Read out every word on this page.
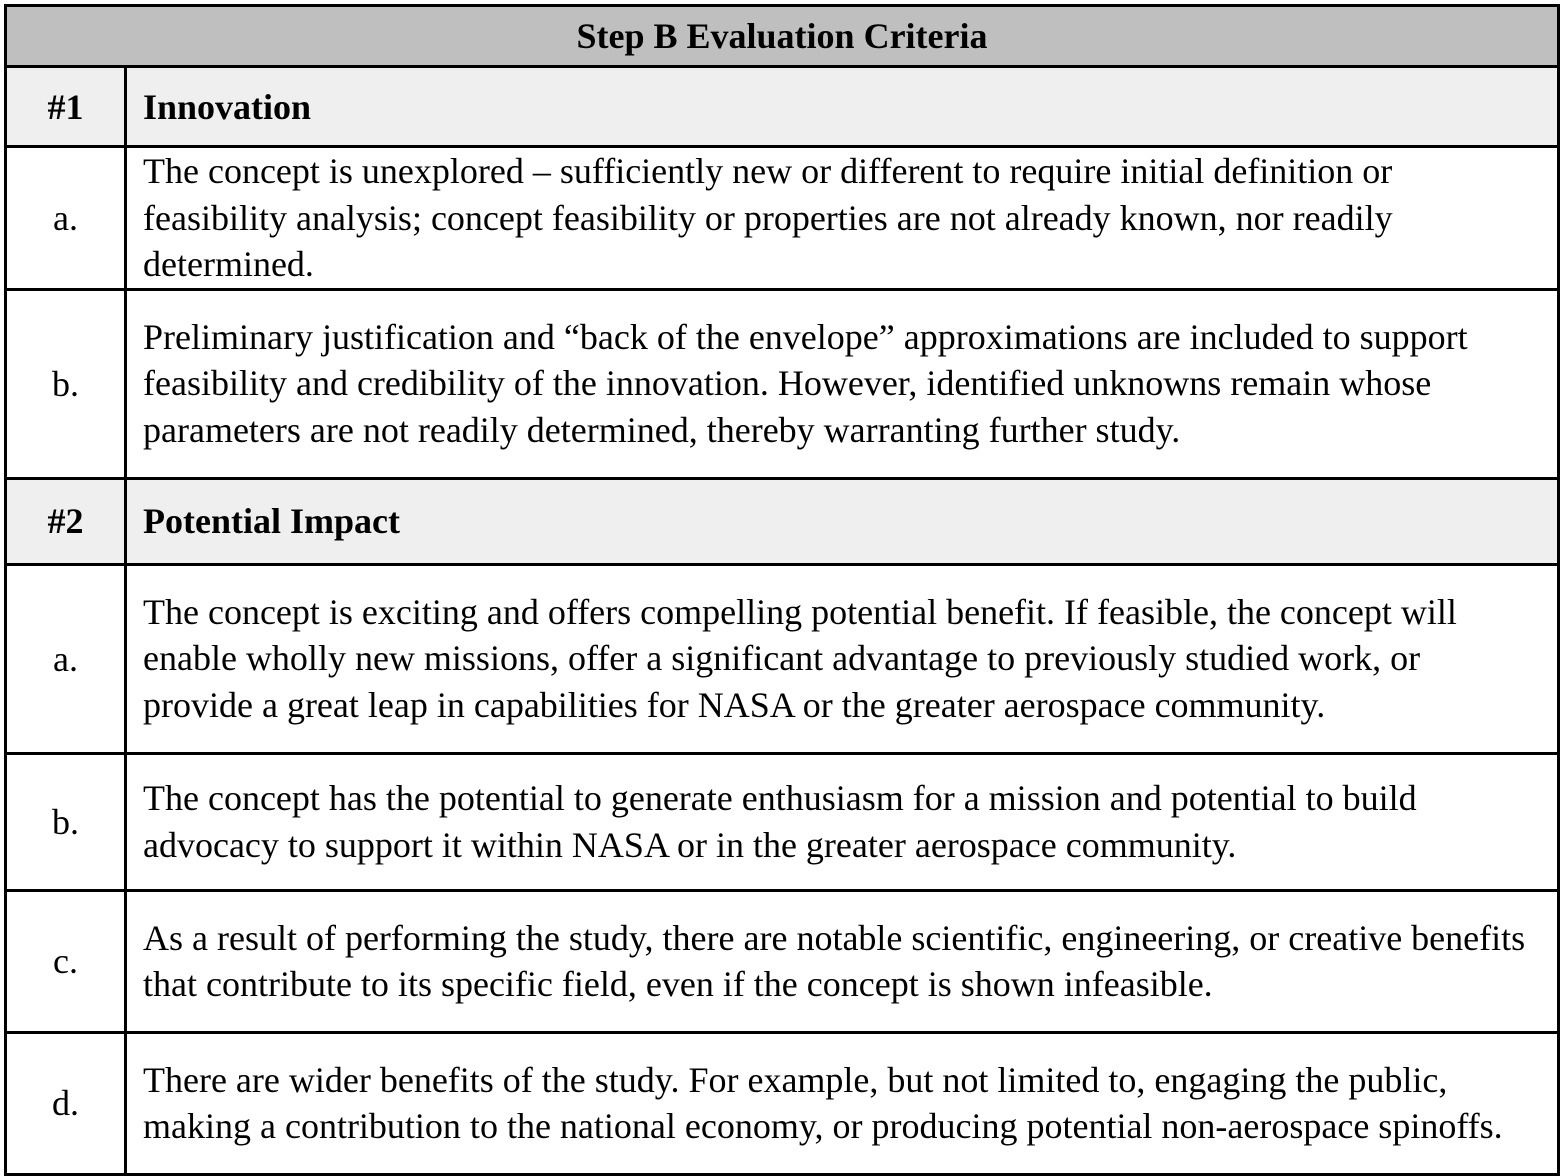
Step B Evaluation Criteria	
#1	Innovation
a.	The concept is unexplored – sufficiently new or different to require initial definition or feasibility analysis; concept feasibility or properties are not already known, nor readily determined.
b.	Preliminary justification and “back of the envelope” approximations are included to support feasibility and credibility of the innovation. However, identified unknowns remain whose parameters are not readily determined, thereby warranting further study.
#2	Potential Impact
a.	The concept is exciting and offers compelling potential benefit. If feasible, the concept will enable wholly new missions, offer a significant advantage to previously studied work, or provide a great leap in capabilities for NASA or the greater aerospace community.
b.	The concept has the potential to generate enthusiasm for a mission and potential to build advocacy to support it within NASA or in the greater aerospace community.
c.	As a result of performing the study, there are notable scientific, engineering, or creative benefits that contribute to its specific field, even if the concept is shown infeasible.
d.	There are wider benefits of the study. For example, but not limited to, engaging the public, making a contribution to the national economy, or producing potential non-aerospace spinoffs.
